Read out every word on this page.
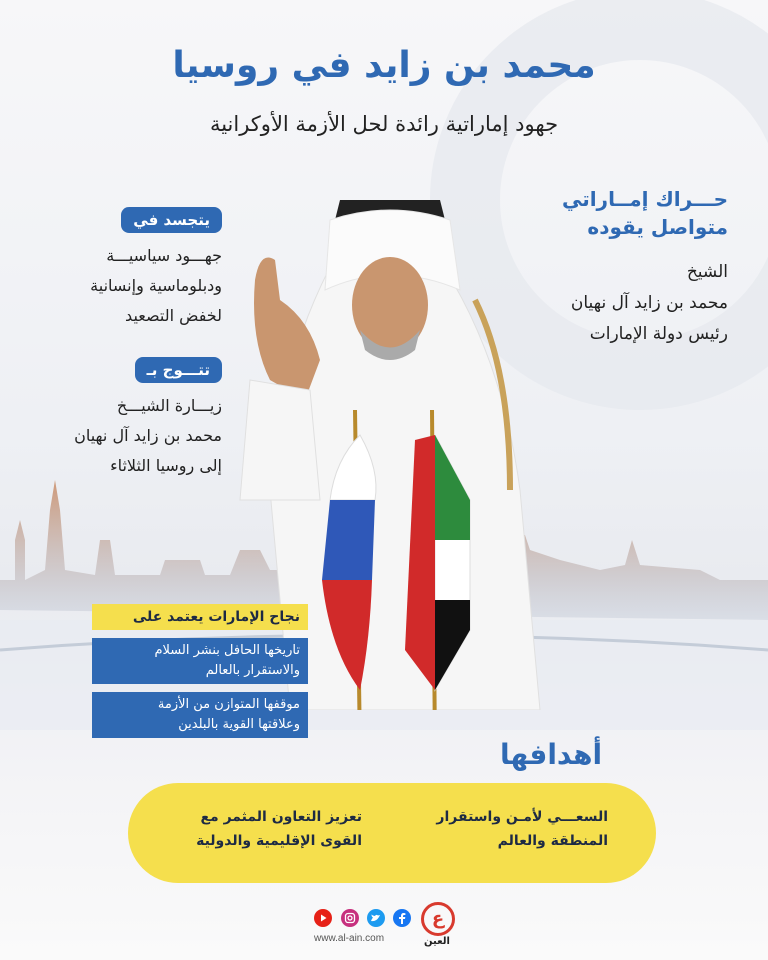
محمد بن زايد في روسيا
جهود إماراتية رائدة لحل الأزمة الأوكرانية
حـــراك إمــاراتي
متواصل يقوده
الشيخ
محمد بن زايد آل نهيان
رئيس دولة الإمارات
يتجسد في
جهـــود سياسيـــة
ودبلوماسية وإنسانية
لخفض التصعيد
تتـــوج بـ
زيـــارة الشيـــخ
محمد بن زايد آل نهيان
إلى روسيا الثلاثاء
نجاح الإمارات يعتمد على
تاريخها الحافل بنشر السلام
والاستقرار بالعالم
موقفها المتوازن من الأزمة
وعلاقتها القوية بالبلدين
أهدافها
السعـــي لأمـن واستقرار
المنطقة والعالم
تعزيز التعاون المثمر مع
القوى الإقليمية والدولية
www.al-ain.com
ع
العين
